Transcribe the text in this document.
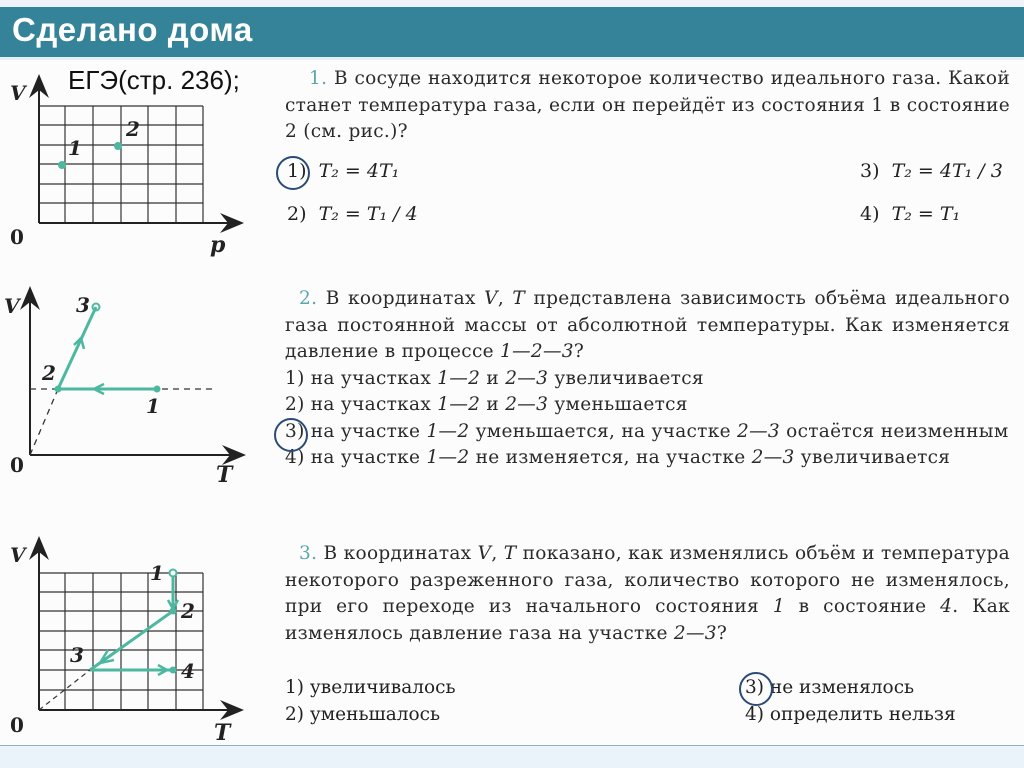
Сделано дома
ЕГЭ(стр. 236);
V
0	p
1
2
V
0	T
3
2
1
V
0	T
1
2
3
4

1. В сосуде находится некоторое количество идеального газа. Какой станет температура газа, если он перейдёт из состояния 1 в состояние 2 (см. рис.)?

1) T₂ = 4T₁
2) T₂ = T₁ / 4
3) T₂ = 4T₁ / 3
4) T₂ = T₁

2. В координатах V, T представлена зависимость объёма идеального газа постоянной массы от абсолютной температуры. Как изменяется давление в процессе 1—2—3?

1) на участках 1—2 и 2—3 увеличивается

2) на участках 1—2 и 2—3 уменьшается

3) на участке 1—2 уменьшается, на участке 2—3 остаётся неизменным

4) на участке 1—2 не изменяется, на участке 2—3 увеличивается

3. В координатах V, T показано, как изменялись объём и температура некоторого разреженного газа, количество которого не изменялось, при его переходе из начального состояния 1 в состояние 4. Как изменялось давление газа на участке 2—3?

1) увеличивалось
2) уменьшалось
3) не изменялось
4) определить нельзя
